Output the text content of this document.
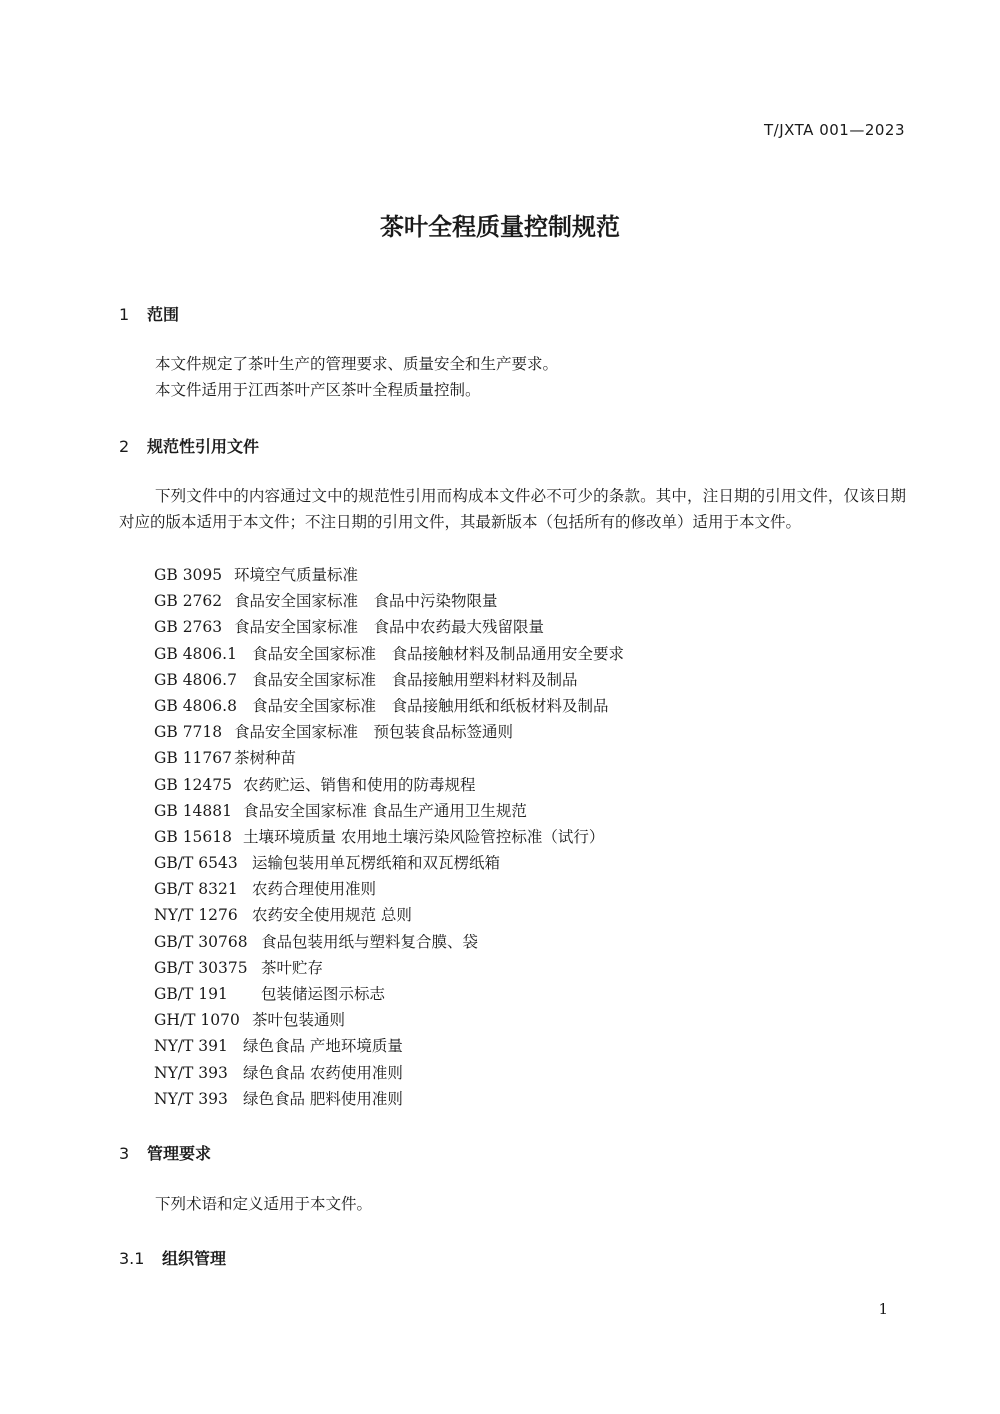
T/JXTA 001—2023
茶叶全程质量控制规范
1 范围
本文件规定了茶叶生产的管理要求、质量安全和生产要求。
本文件适用于江西茶叶产区茶叶全程质量控制。
2 规范性引用文件
下列文件中的内容通过文中的规范性引用而构成本文件必不可少的条款。其中，注日期的引用文件，仅该日期对应的版本适用于本文件；不注日期的引用文件，其最新版本（包括所有的修改单）适用于本文件。
GB 3095 环境空气质量标准
GB 2762 食品安全国家标准　食品中污染物限量
GB 2763 食品安全国家标准　食品中农药最大残留限量
GB 4806.1 食品安全国家标准　食品接触材料及制品通用安全要求
GB 4806.7 食品安全国家标准　食品接触用塑料材料及制品
GB 4806.8 食品安全国家标准　食品接触用纸和纸板材料及制品
GB 7718 食品安全国家标准　预包装食品标签通则
GB 11767 茶树种苗
GB 12475 农药贮运、销售和使用的防毒规程
GB 14881 食品安全国家标准 食品生产通用卫生规范
GB 15618 土壤环境质量 农用地土壤污染风险管控标准（试行）
GB/T 6543 运输包装用单瓦楞纸箱和双瓦楞纸箱
GB/T 8321 农药合理使用准则
NY/T 1276 农药安全使用规范 总则
GB/T 30768 食品包装用纸与塑料复合膜、袋
GB/T 30375 茶叶贮存
GB/T 191 包装储运图示标志
GH/T 1070 茶叶包装通则
NY/T 391 绿色食品 产地环境质量
NY/T 393 绿色食品 农药使用准则
NY/T 393 绿色食品 肥料使用准则
3 管理要求
下列术语和定义适用于本文件。
3.1 组织管理
1
